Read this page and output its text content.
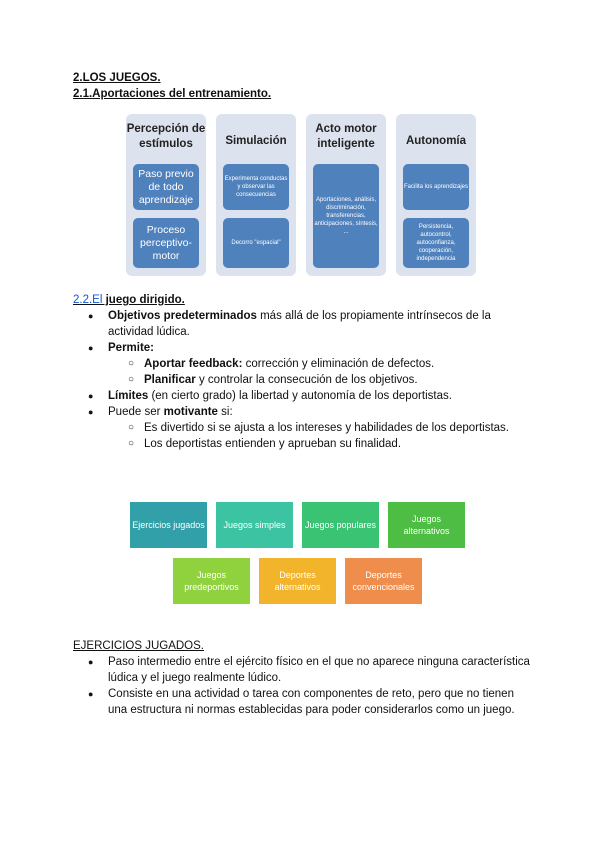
2.LOS JUEGOS.
2.1.Aportaciones del entrenamiento.
Percepción de estímulos
Paso previo de todo aprendizaje
Proceso perceptivo-motor
Simulación
Experimenta conductas y observar las consecuencias
Decorro "espacial"
Acto motor inteligente
Aportaciones, análisis, discriminación, transferencias, anticipaciones, síntesis, ...
Autonomía
Facilita los aprendizajes
Persistencia, autocontrol, autoconfianza, cooperación, independencia
2.2.El juego dirigido.
● Objetivos predeterminados más allá de los propiamente intrínsecos de la actividad lúdica.
● Permite:
○ Aportar feedback: corrección y eliminación de defectos.
○ Planificar y controlar la consecución de los objetivos.
● Límites (en cierto grado) la libertad y autonomía de los deportistas.
● Puede ser motivante si:
○ Es divertido si se ajusta a los intereses y habilidades de los deportistas.
○ Los deportistas entienden y aprueban su finalidad.
Ejercicios jugados Juegos simples Juegos populares
Juegos alternativos
Juegos predeportivos
Deportes alternativos
Deportes convencionales
EJERCICIOS JUGADOS.
● Paso intermedio entre el ejército físico en el que no aparece ninguna característica lúdica y el juego realmente lúdico.
● Consiste en una actividad o tarea con componentes de reto, pero que no tienen una estructura ni normas establecidas para poder considerarlos como un juego.
